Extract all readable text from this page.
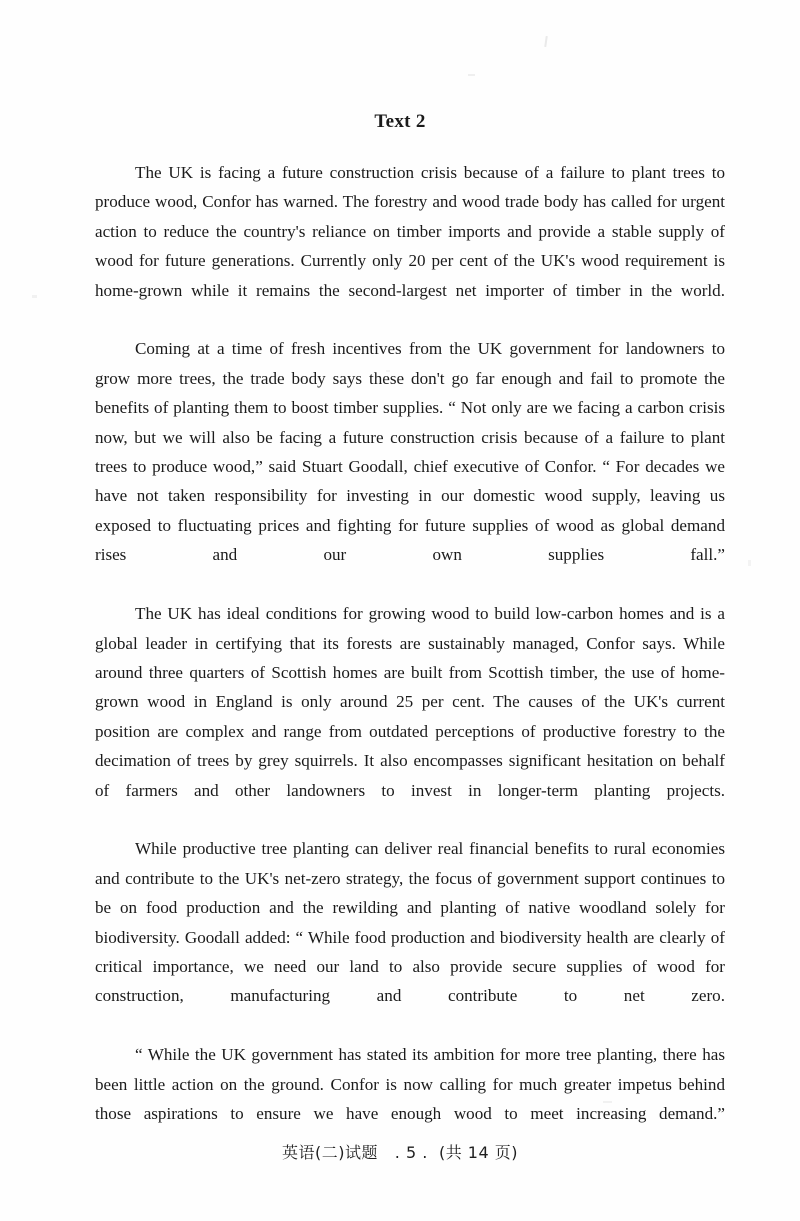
Text 2

The UK is facing a future construction crisis because of a failure to plant trees to produce wood, Confor has warned. The forestry and wood trade body has called for urgent action to reduce the country's reliance on timber imports and provide a stable supply of wood for future generations. Currently only 20 per cent of the UK's wood requirement is home-grown while it remains the second-largest net importer of timber in the world.

Coming at a time of fresh incentives from the UK government for landowners to grow more trees, the trade body says these don't go far enough and fail to promote the benefits of planting them to boost timber supplies. “ Not only are we facing a carbon crisis now, but we will also be facing a future construction crisis because of a failure to plant trees to produce wood,” said Stuart Goodall, chief executive of Confor. “ For decades we have not taken responsibility for investing in our domestic wood supply, leaving us exposed to fluctuating prices and fighting for future supplies of wood as global demand rises and our own supplies fall.”

The UK has ideal conditions for growing wood to build low-carbon homes and is a global leader in certifying that its forests are sustainably managed, Confor says. While around three quarters of Scottish homes are built from Scottish timber, the use of home-grown wood in England is only around 25 per cent. The causes of the UK's current position are complex and range from outdated perceptions of productive forestry to the decimation of trees by grey squirrels. It also encompasses significant hesitation on behalf of farmers and other landowners to invest in longer-term planting projects.

While productive tree planting can deliver real financial benefits to rural economies and contribute to the UK's net-zero strategy, the focus of government support continues to be on food production and the rewilding and planting of native woodland solely for biodiversity. Goodall added: “ While food production and biodiversity health are clearly of critical importance, we need our land to also provide secure supplies of wood for construction, manufacturing and contribute to net zero.

“ While the UK government has stated its ambition for more tree planting, there has been little action on the ground. Confor is now calling for much greater impetus behind those aspirations to ensure we have enough wood to meet increasing demand.”

英语(二)试题 . 5 . (共 14 页)
